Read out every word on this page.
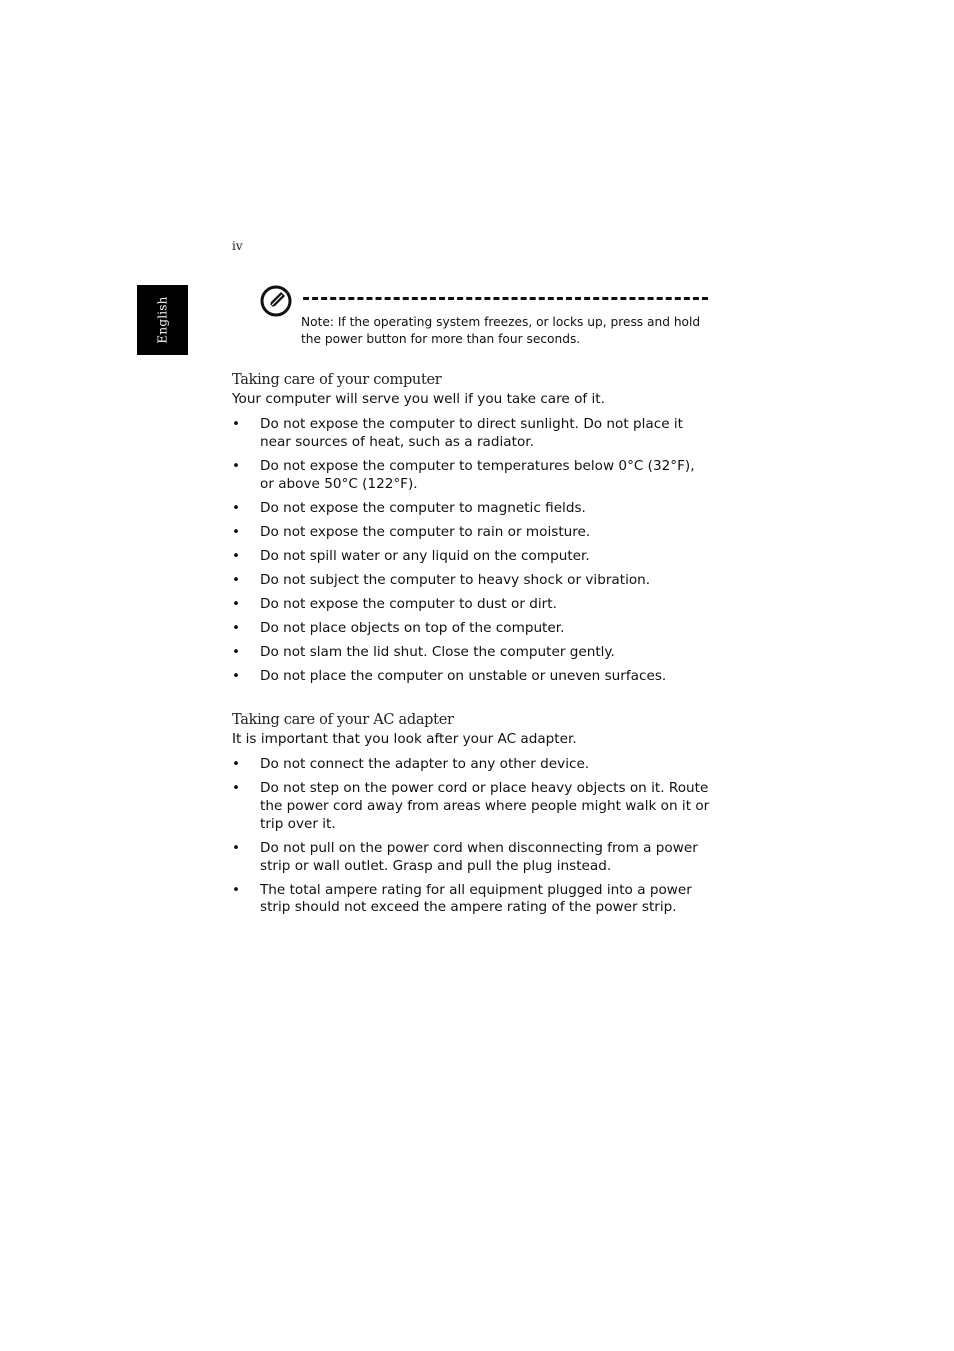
iv
English	Note: If the operating system freezes, or locks up, press and hold the power button for more than four seconds.

Taking care of your computer

Your computer will serve you well if you take care of it.

• Do not expose the computer to direct sunlight. Do not place it near sources of heat, such as a radiator.
• Do not expose the computer to temperatures below 0°C (32°F), or above 50°C (122°F).
• Do not expose the computer to magnetic fields.
• Do not expose the computer to rain or moisture.
• Do not spill water or any liquid on the computer.
• Do not subject the computer to heavy shock or vibration.
• Do not expose the computer to dust or dirt.
• Do not place objects on top of the computer.
• Do not slam the lid shut. Close the computer gently.
• Do not place the computer on unstable or uneven surfaces.
Taking care of your AC adapter

It is important that you look after your AC adapter.

• Do not connect the adapter to any other device.
• Do not step on the power cord or place heavy objects on it. Route the power cord away from areas where people might walk on it or trip over it.
• Do not pull on the power cord when disconnecting from a power strip or wall outlet. Grasp and pull the plug instead.
• The total ampere rating for all equipment plugged into a power strip should not exceed the ampere rating of the power strip.
